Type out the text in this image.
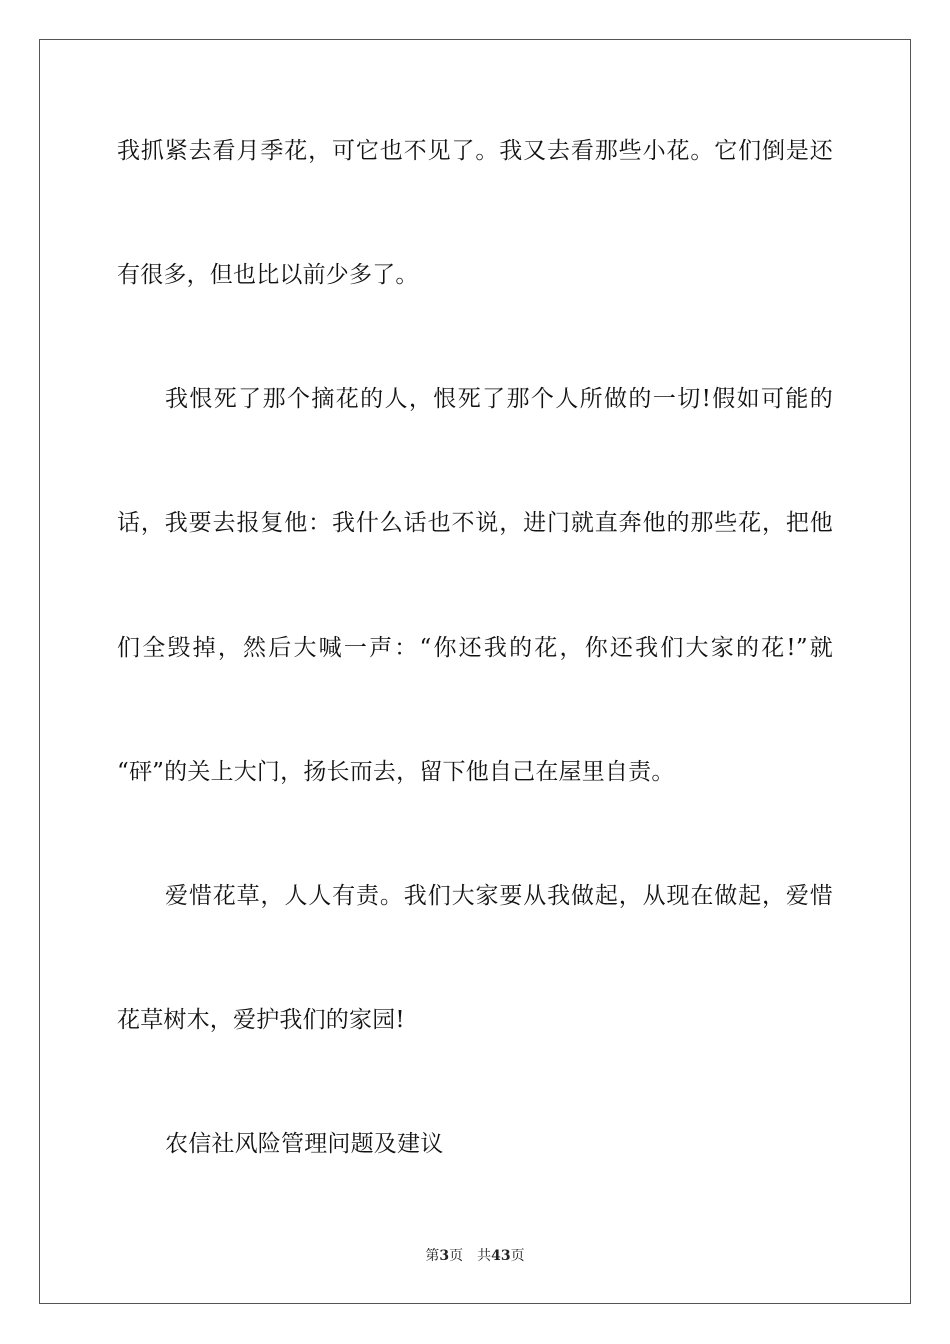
我抓紧去看月季花，可它也不见了。我又去看那些小花。它们倒是还
有很多，但也比以前少多了。
我恨死了那个摘花的人，恨死了那个人所做的一切!假如可能的
话，我要去报复他：我什么话也不说，进门就直奔他的那些花，把他
们全毁掉，然后大喊一声：“你还我的花，你还我们大家的花!”就
“砰”的关上大门，扬长而去，留下他自己在屋里自责。
爱惜花草，人人有责。我们大家要从我做起，从现在做起，爱惜
花草树木，爱护我们的家园!
农信社风险管理问题及建议
第3页 共43页
